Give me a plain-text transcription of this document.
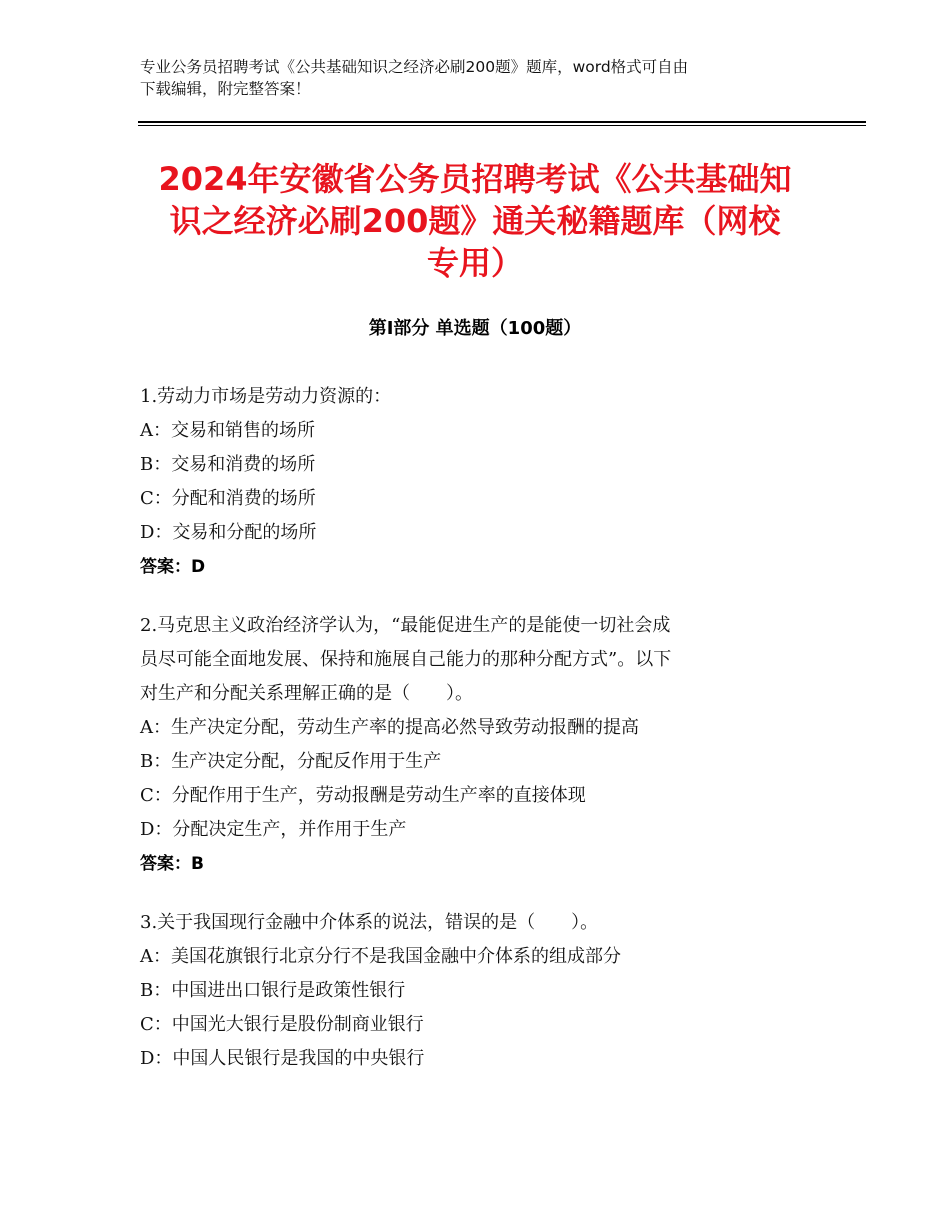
专业公务员招聘考试《公共基础知识之经济必刷200题》题库，word格式可自由
下载编辑，附完整答案！
2024年安徽省公务员招聘考试《公共基础知
识之经济必刷200题》通关秘籍题库（网校
专用）
第Ⅰ部分 单选题（100题）
1.劳动力市场是劳动力资源的：
A：交易和销售的场所
B：交易和消费的场所
C：分配和消费的场所
D：交易和分配的场所
答案：D
2.马克思主义政治经济学认为，“最能促进生产的是能使一切社会成
员尽可能全面地发展、保持和施展自己能力的那种分配方式”。以下
对生产和分配关系理解正确的是（　　）。
A：生产决定分配，劳动生产率的提高必然导致劳动报酬的提高
B：生产决定分配，分配反作用于生产
C：分配作用于生产，劳动报酬是劳动生产率的直接体现
D：分配决定生产，并作用于生产
答案：B
3.关于我国现行金融中介体系的说法，错误的是（　　）。
A：美国花旗银行北京分行不是我国金融中介体系的组成部分
B：中国进出口银行是政策性银行
C：中国光大银行是股份制商业银行
D：中国人民银行是我国的中央银行
